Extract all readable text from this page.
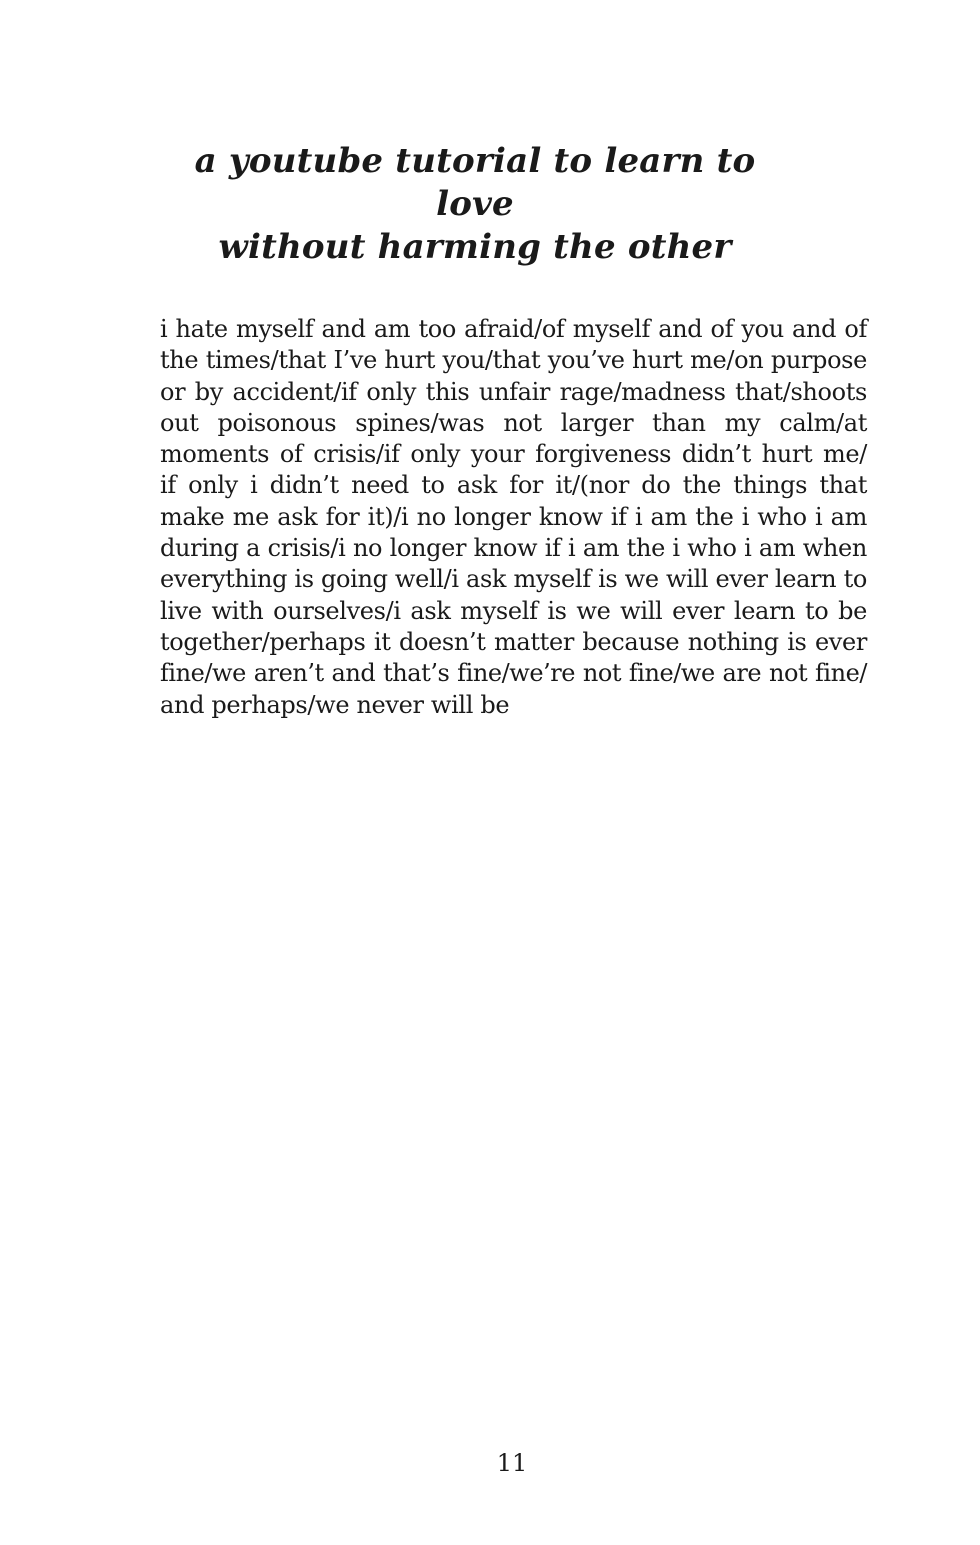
a youtube tutorial to learn to love
without harming the other
i hate myself and am too afraid/of myself and of you and of
the times/that I’ve hurt you/that you’ve hurt me/on purpose
or by accident/if only this unfair rage/madness that/shoots
out poisonous spines/was not larger than my calm/at
moments of crisis/if only your forgiveness didn’t hurt me/
if only i didn’t need to ask for it/(nor do the things that
make me ask for it)/i no longer know if i am the i who i am
during a crisis/i no longer know if i am the i who i am when
everything is going well/i ask myself is we will ever learn to
live with ourselves/i ask myself is we will ever learn to be
together/perhaps it doesn’t matter because nothing is ever
fine/we aren’t and that’s fine/we’re not fine/we are not fine/
and perhaps/we never will be
11
